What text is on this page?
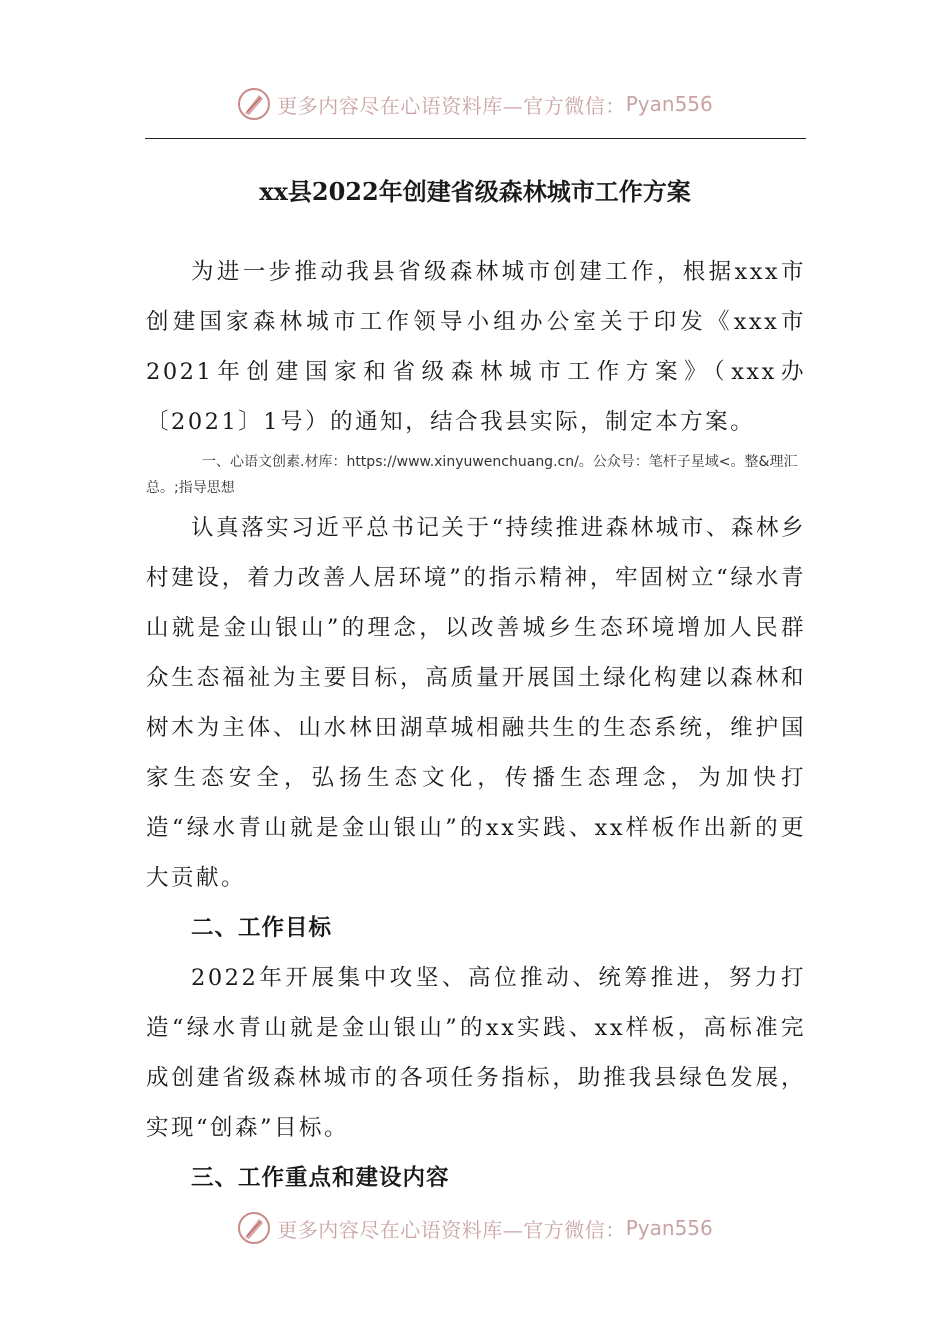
更多内容尽在心语资料库—官方微信： Pyan556
xx县2022年创建省级森林城市工作方案

为进一步推动我县省级森林城市创建工作，根据xxx市创建国家森林城市工作领导小组办公室关于印发《xxx市2021年创建国家和省级森林城市工作方案》（xxx办〔2021〕1号）的通知，结合我县实际，制定本方案。

一、心语文创素.材库：https://www.xinyuwenchuang.cn/。公众号：笔杆子星域<。整&理汇总。;指导思想

认真落实习近平总书记关于“持续推进森林城市、森林乡村建设，着力改善人居环境”的指示精神，牢固树立“绿水青山就是金山银山”的理念，以改善城乡生态环境增加人民群众生态福祉为主要目标，高质量开展国土绿化构建以森林和树木为主体、山水林田湖草城相融共生的生态系统，维护国家生态安全，弘扬生态文化，传播生态理念，为加快打造“绿水青山就是金山银山”的xx实践、xx样板作出新的更大贡献。

二、工作目标

2022年开展集中攻坚、高位推动、统筹推进，努力打造“绿水青山就是金山银山”的xx实践、xx样板，高标准完成创建省级森林城市的各项任务指标，助推我县绿色发展，实现“创森”目标。

三、工作重点和建设内容

更多内容尽在心语资料库—官方微信： Pyan556
